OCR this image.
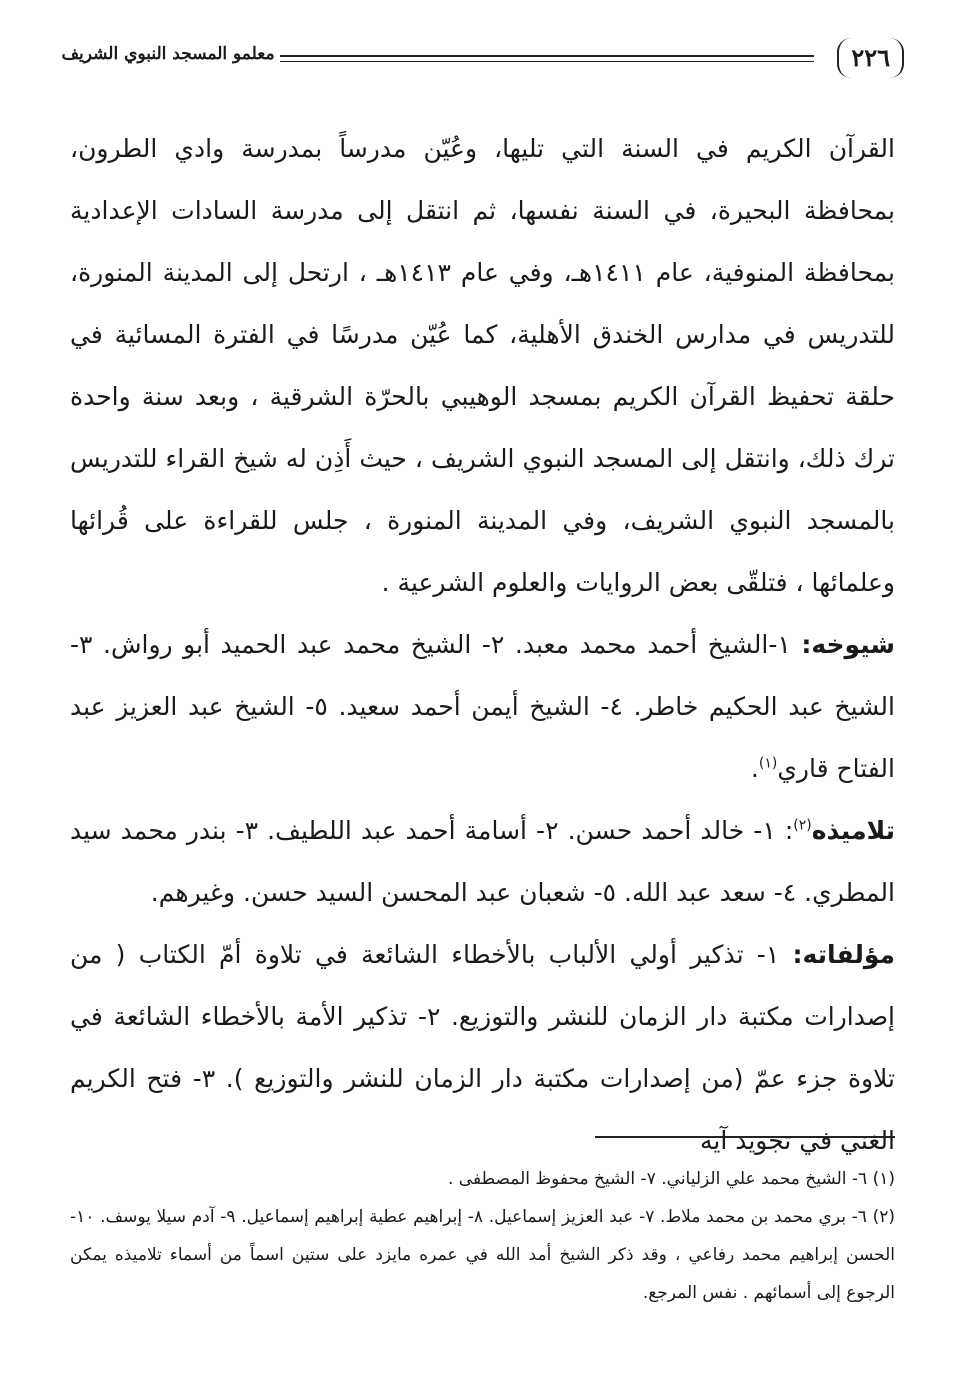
٢٢٦
معلمو المسجد النبوي الشريف

القرآن الكريم في السنة التي تليها، وعُيّن مدرساً بمدرسة وادي الطرون، بمحافظة البحيرة، في السنة نفسها، ثم انتقل إلى مدرسة السادات الإعدادية بمحافظة المنوفية، عام ١٤١١هـ، وفي عام ١٤١٣هـ ، ارتحل إلى المدينة المنورة، للتدريس في مدارس الخندق الأهلية، كما عُيّن مدرسًا في الفترة المسائية في حلقة تحفيظ القرآن الكريم بمسجد الوهيبي بالحرّة الشرقية ، وبعد سنة واحدة ترك ذلك، وانتقل إلى المسجد النبوي الشريف ، حيث أَذِن له شيخ القراء للتدريس بالمسجد النبوي الشريف، وفي المدينة المنورة ، جلس للقراءة على قُرائها وعلمائها ، فتلقّى بعض الروايات والعلوم الشرعية .

شيوخه: ١-الشيخ أحمد محمد معبد. ٢- الشيخ محمد عبد الحميد أبو رواش. ٣- الشيخ عبد الحكيم خاطر. ٤- الشيخ أيمن أحمد سعيد. ٥- الشيخ عبد العزيز عبد الفتاح قاري$^{(١)}$.

تلاميذه$^{(٢)}$: ١- خالد أحمد حسن. ٢- أسامة أحمد عبد اللطيف. ٣- بندر محمد سيد المطري. ٤- سعد عبد الله. ٥- شعبان عبد المحسن السيد حسن. وغيرهم.

مؤلفاته: ١- تذكير أولي الألباب بالأخطاء الشائعة في تلاوة أمّ الكتاب ( من إصدارات مكتبة دار الزمان للنشر والتوزيع. ٢- تذكير الأمة بالأخطاء الشائعة في تلاوة جزء عمّ (من إصدارات مكتبة دار الزمان للنشر والتوزيع ). ٣- فتح الكريم الغني في تجويد آية

(١) ٦- الشيخ محمد علي الزلياني. ٧- الشيخ محفوظ المصطفى .

(٢) ٦- بري محمد بن محمد ملاط. ٧- عبد العزيز إسماعيل. ٨- إبراهيم عطية إبراهيم إسماعيل. ٩- آدم سيلا يوسف. ١٠- الحسن إبراهيم محمد رفاعي ، وقد ذكر الشيخ أمد الله في عمره مايزد على ستين اسماً من أسماء تلاميذه يمكن الرجوع إلى أسمائهم . نفس المرجع.
